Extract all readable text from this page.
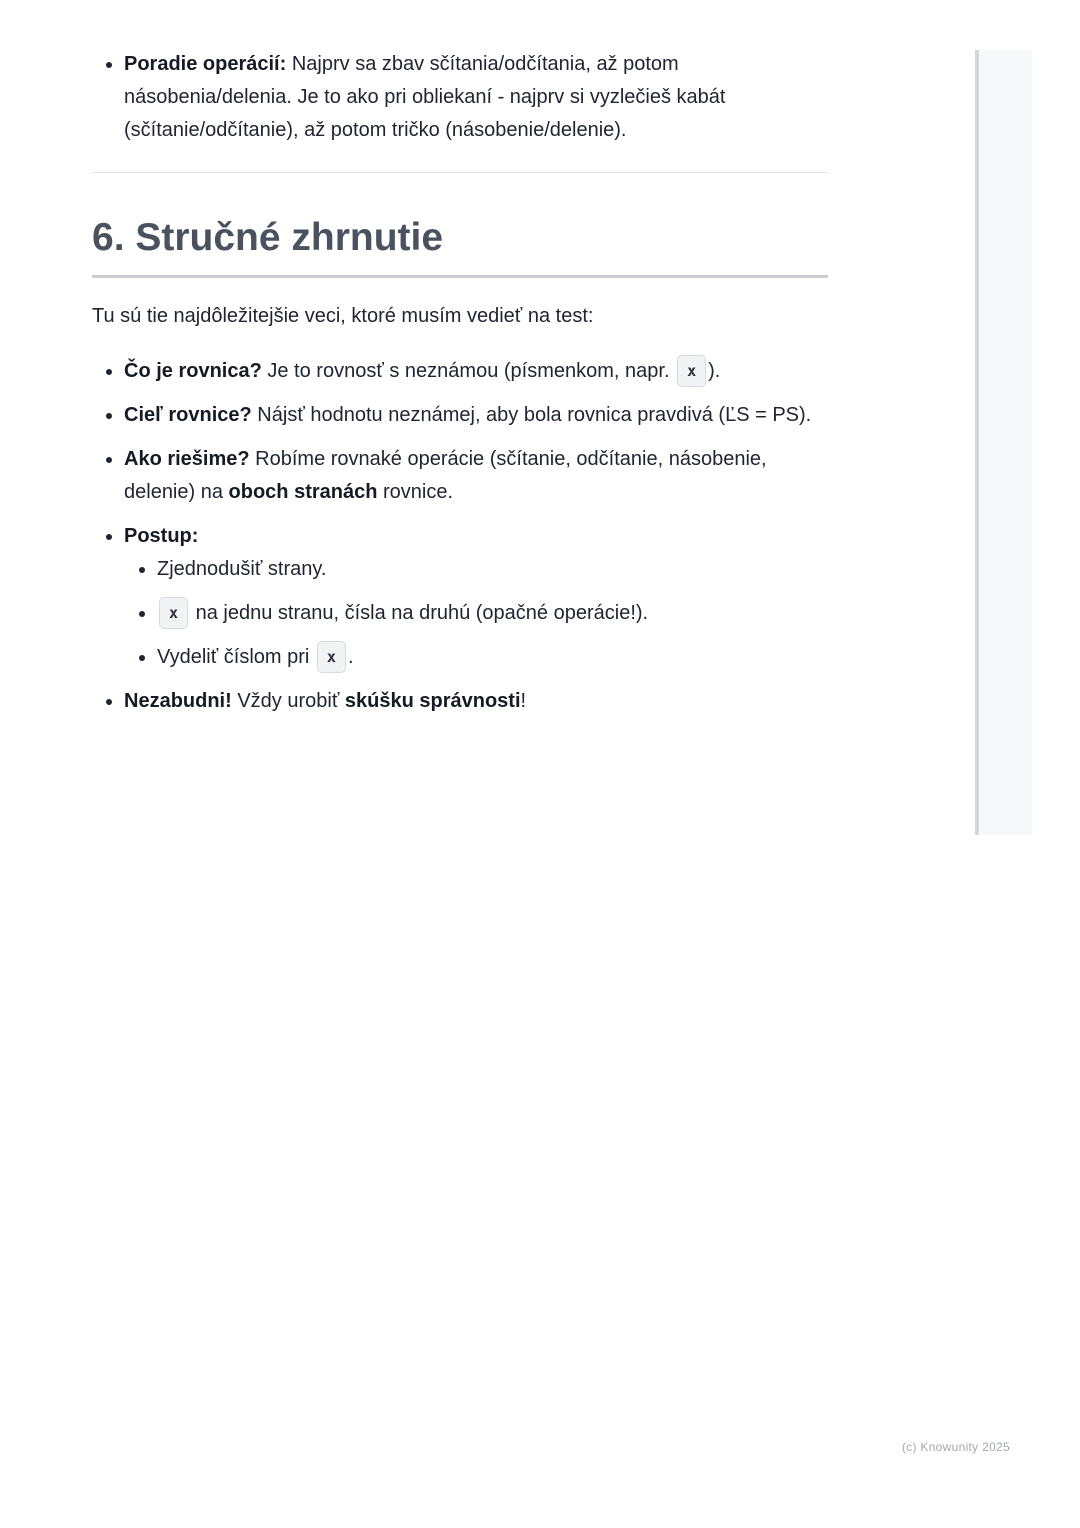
• Poradie operácií: Najprv sa zbav sčítania/odčítania, až potom násobenia/delenia. Je to ako pri obliekaní - najprv si vyzlečieš kabát (sčítanie/odčítanie), až potom tričko (násobenie/delenie).
6. Stručné zhrnutie

Tu sú tie najdôležitejšie veci, ktoré musím vedieť na test:

• Čo je rovnica? Je to rovnosť s neznámou (písmenkom, napr. x ).
• Cieľ rovnice? Nájsť hodnotu neznámej, aby bola rovnica pravdivá (ĽS = PS).
• Ako riešime? Robíme rovnaké operácie (sčítanie, odčítanie, násobenie, delenie) na oboch stranách rovnice.
• Postup:
• Zjednodušiť strany.
• x na jednu stranu, čísla na druhú (opačné operácie!).
• Vydeliť číslom pri x .
• Nezabudni! Vždy urobiť skúšku správnosti!
(c) Knowunity 2025
